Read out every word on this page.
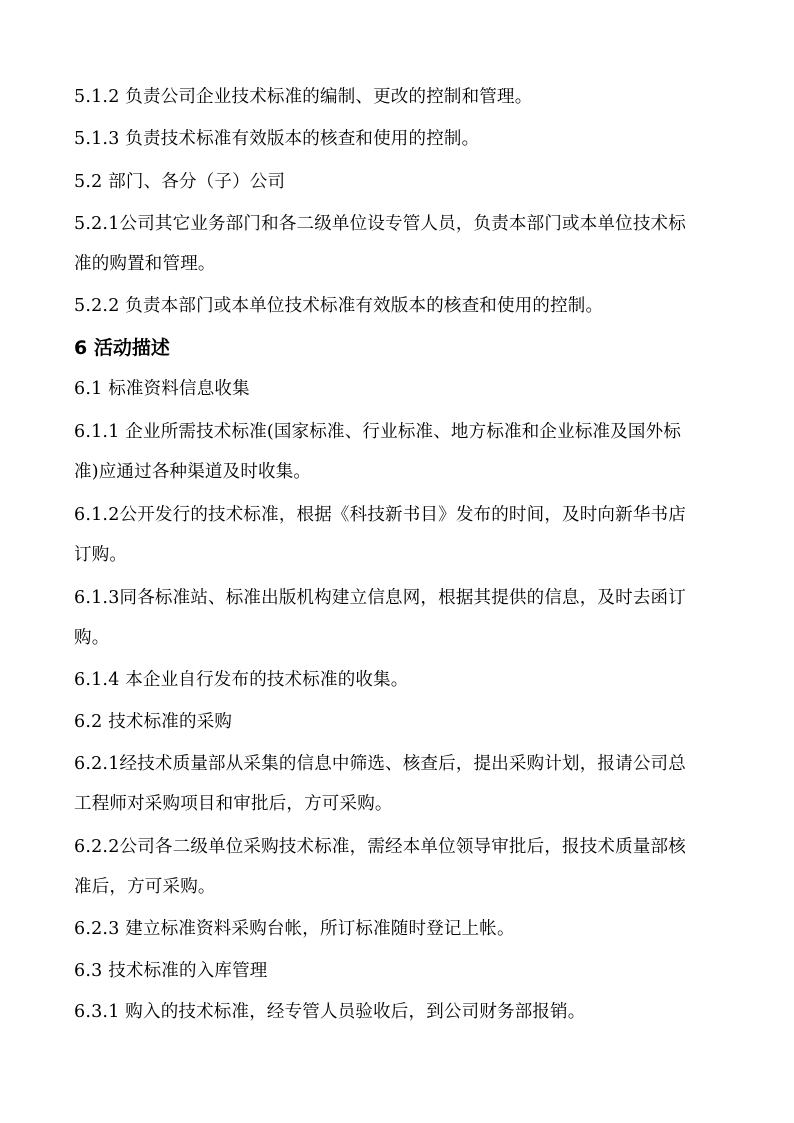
5.1.2 负责公司企业技术标准的编制、更改的控制和管理。
5.1.3 负责技术标准有效版本的核查和使用的控制。
5.2 部门、各分（子）公司
5.2.1公司其它业务部门和各二级单位设专管人员，负责本部门或本单位技术标
准的购置和管理。
5.2.2 负责本部门或本单位技术标准有效版本的核查和使用的控制。
6 活动描述
6.1 标准资料信息收集
6.1.1 企业所需技术标准(国家标准、行业标准、地方标准和企业标准及国外标
准)应通过各种渠道及时收集。
6.1.2公开发行的技术标准，根据《科技新书目》发布的时间，及时向新华书店
订购。
6.1.3同各标准站、标准出版机构建立信息网，根据其提供的信息，及时去函订
购。
6.1.4 本企业自行发布的技术标准的收集。
6.2 技术标准的采购
6.2.1经技术质量部从采集的信息中筛选、核查后，提出采购计划，报请公司总
工程师对采购项目和审批后，方可采购。
6.2.2公司各二级单位采购技术标准，需经本单位领导审批后，报技术质量部核
准后，方可采购。
6.2.3 建立标准资料采购台帐，所订标准随时登记上帐。
6.3 技术标准的入库管理
6.3.1 购入的技术标准，经专管人员验收后，到公司财务部报销。
